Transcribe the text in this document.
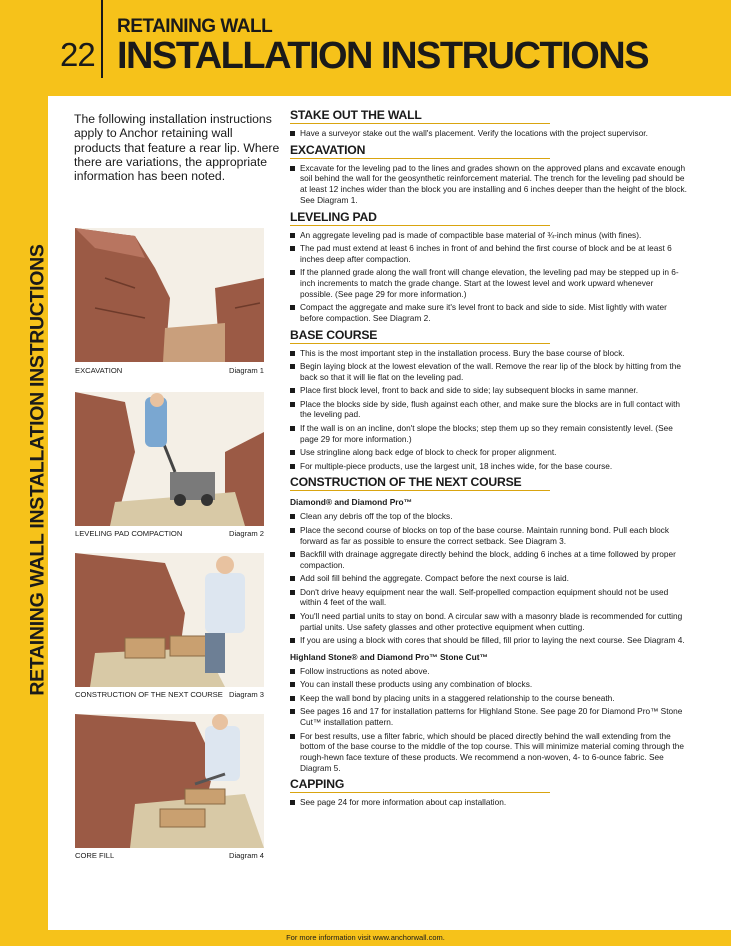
RETAINING WALL INSTALLATION INSTRUCTIONS
22
RETAINING WALL
INSTALLATION INSTRUCTIONS
The following installation instructions apply to Anchor retaining wall products that feature a rear lip. Where there are variations, the appropriate information has been noted.
EXCAVATION	Diagram 1
LEVELING PAD COMPACTION	Diagram 2
CONSTRUCTION OF THE NEXT COURSE Diagram 3
CORE FILL	Diagram 4
STAKE OUT THE WALL
Have a surveyor stake out the wall's placement. Verify the locations with the project supervisor.
EXCAVATION
Excavate for the leveling pad to the lines and grades shown on the approved plans and excavate enough soil behind the wall for the geosynthetic reinforcement material. The trench for the leveling pad should be at least 12 inches wider than the block you are installing and 6 inches deeper than the height of the block. See Diagram 1.
LEVELING PAD
An aggregate leveling pad is made of compactible base material of ¾-inch minus (with fines).
The pad must extend at least 6 inches in front of and behind the first course of block and be at least 6 inches deep after compaction.
If the planned grade along the wall front will change elevation, the leveling pad may be stepped up in 6-inch increments to match the grade change. Start at the lowest level and work upward whenever possible. (See page 29 for more information.)
Compact the aggregate and make sure it's level front to back and side to side. Mist lightly with water before compaction. See Diagram 2.
BASE COURSE
This is the most important step in the installation process. Bury the base course of block.
Begin laying block at the lowest elevation of the wall. Remove the rear lip of the block by hitting from the back so that it will lie flat on the leveling pad.
Place first block level, front to back and side to side; lay subsequent blocks in same manner.
Place the blocks side by side, flush against each other, and make sure the blocks are in full contact with the leveling pad.
If the wall is on an incline, don't slope the blocks; step them up so they remain consistently level. (See page 29 for more information.)
Use stringline along back edge of block to check for proper alignment.
For multiple-piece products, use the largest unit, 18 inches wide, for the base course.
CONSTRUCTION OF THE NEXT COURSE
Diamond® and Diamond Pro™
Clean any debris off the top of the blocks.
Place the second course of blocks on top of the base course. Maintain running bond. Pull each block forward as far as possible to ensure the correct setback. See Diagram 3.
Backfill with drainage aggregate directly behind the block, adding 6 inches at a time followed by proper compaction.
Add soil fill behind the aggregate. Compact before the next course is laid.
Don't drive heavy equipment near the wall. Self-propelled compaction equipment should not be used within 4 feet of the wall.
You'll need partial units to stay on bond. A circular saw with a masonry blade is recommended for cutting partial units. Use safety glasses and other protective equipment when cutting.
If you are using a block with cores that should be filled, fill prior to laying the next course. See Diagram 4.
Highland Stone® and Diamond Pro™ Stone Cut™
Follow instructions as noted above.
You can install these products using any combination of blocks.
Keep the wall bond by placing units in a staggered relationship to the course beneath.
See pages 16 and 17 for installation patterns for Highland Stone. See page 20 for Diamond Pro™ Stone Cut™ installation pattern.
For best results, use a filter fabric, which should be placed directly behind the wall extending from the bottom of the base course to the middle of the top course. This will minimize material coming through the rough-hewn face texture of these products. We recommend a non-woven, 4- to 6-ounce fabric. See Diagram 5.
CAPPING
See page 24 for more information about cap installation.
For more information visit www.anchorwall.com.
